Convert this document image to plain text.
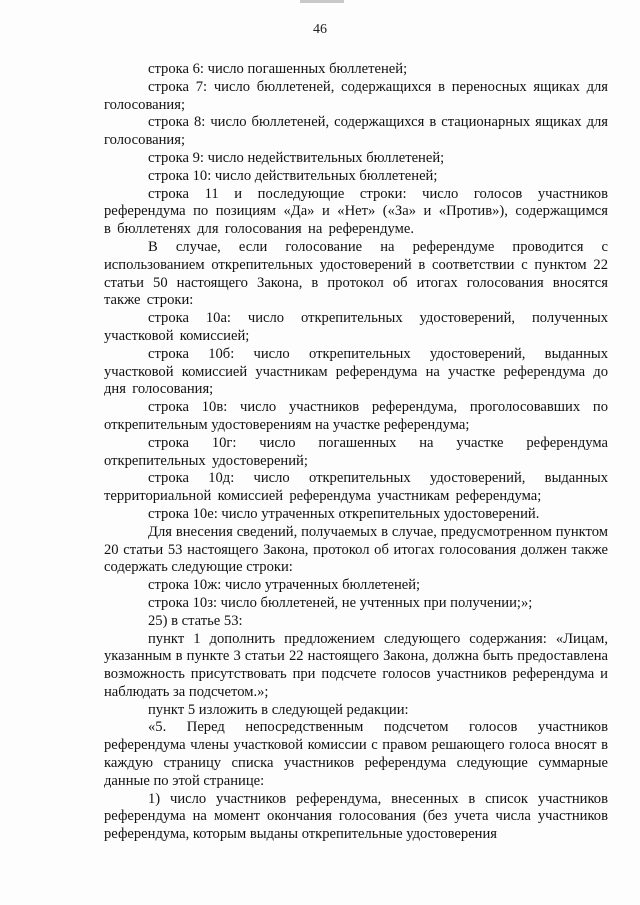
46

строка 6: число погашенных бюллетеней;

строка 7: число бюллетеней, содержащихся в переносных ящиках для голосования;

строка 8: число бюллетеней, содержащихся в стационарных ящиках для голосования;

строка 9: число недействительных бюллетеней;

строка 10: число действительных бюллетеней;

строка 11 и последующие строки: число голосов участников референдума по позициям «Да» и «Нет» («За» и «Против»), содержащимся в бюллетенях для голосования на референдуме.

В случае, если голосование на референдуме проводится с использованием открепительных удостоверений в соответствии с пунктом 22 статьи 50 настоящего Закона, в протокол об итогах голосования вносятся также строки:

строка 10а: число открепительных удостоверений, полученных участковой комиссией;

строка 10б: число открепительных удостоверений, выданных участковой комиссией участникам референдума на участке референдума до дня голосования;

строка 10в: число участников референдума, проголосовавших по открепительным удостоверениям на участке референдума;

строка 10г: число погашенных на участке референдума открепительных удостоверений;

строка 10д: число открепительных удостоверений, выданных территориальной комиссией референдума участникам референдума;

строка 10е: число утраченных открепительных удостоверений.

Для внесения сведений, получаемых в случае, предусмотренном пунктом 20 статьи 53 настоящего Закона, протокол об итогах голосования должен также содержать следующие строки:

строка 10ж: число утраченных бюллетеней;

строка 10з: число бюллетеней, не учтенных при получении;»;

25) в статье 53:

пункт 1 дополнить предложением следующего содержания: «Лицам, указанным в пункте 3 статьи 22 настоящего Закона, должна быть предоставлена возможность присутствовать при подсчете голосов участников референдума и наблюдать за подсчетом.»;

пункт 5 изложить в следующей редакции:

«5. Перед непосредственным подсчетом голосов участников референдума члены участковой комиссии с правом решающего голоса вносят в каждую страницу списка участников референдума следующие суммарные данные по этой странице:

1) число участников референдума, внесенных в список участников референдума на момент окончания голосования (без учета числа участников референдума, которым выданы открепительные удостоверения
